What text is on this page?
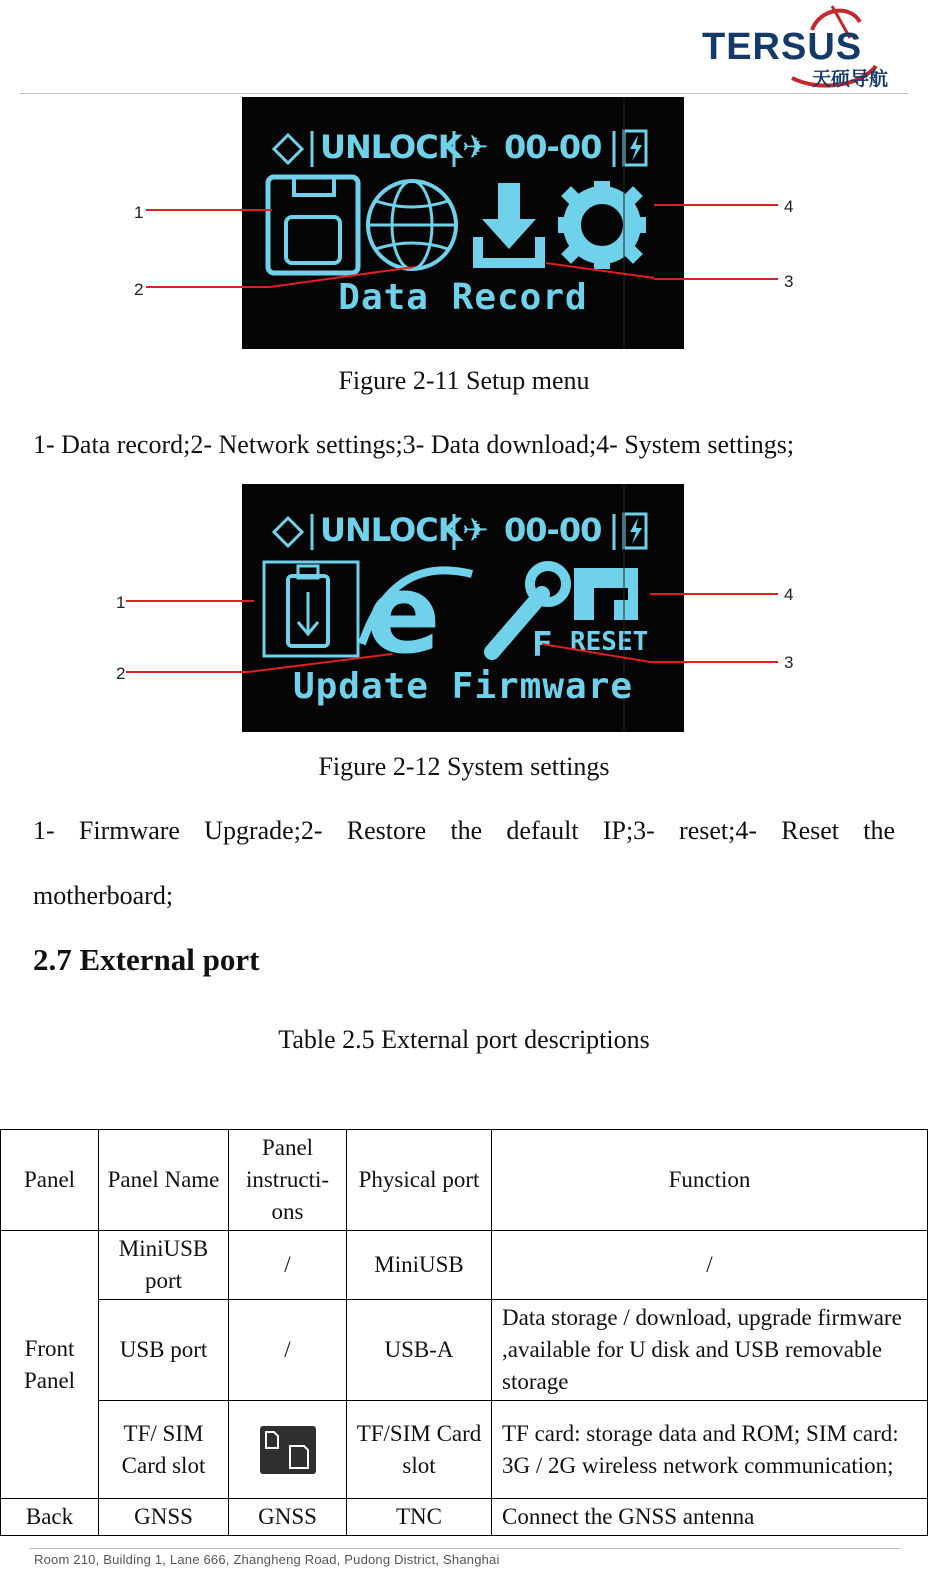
TERSUS
天硕导航
UNLOCK ✈ 00-00
Data Record
1
2	3
4
Figure 2-11 Setup menu
1- Data record;2- Network settings;3- Data download;4- System settings;
e	F RESET
UNLOCK ✈ 00-00
Update Firmware
1
2
3
4
Figure 2-12 System settings
1- Firmware Upgrade;2- Restore the default IP;3- reset;4- Reset the
motherboard;
2.7 External port
Table 2.5 External port descriptions
Panel	Panel Name	Panel instructi-ons	Physical port	Function
Front Panel	MiniUSB port	/	MiniUSB	/
	USB port	/	USB-A	Data storage / download, upgrade firmware ,available for U disk and USB removable storage
	TF/ SIM Card slot		TF/SIM Card slot	TF card: storage data and ROM; SIM card: 3G / 2G wireless network communication;
Back	GNSS	GNSS	TNC	Connect the GNSS antenna
Room 210, Building 1, Lane 666, Zhangheng Road, Pudong District, Shanghai
